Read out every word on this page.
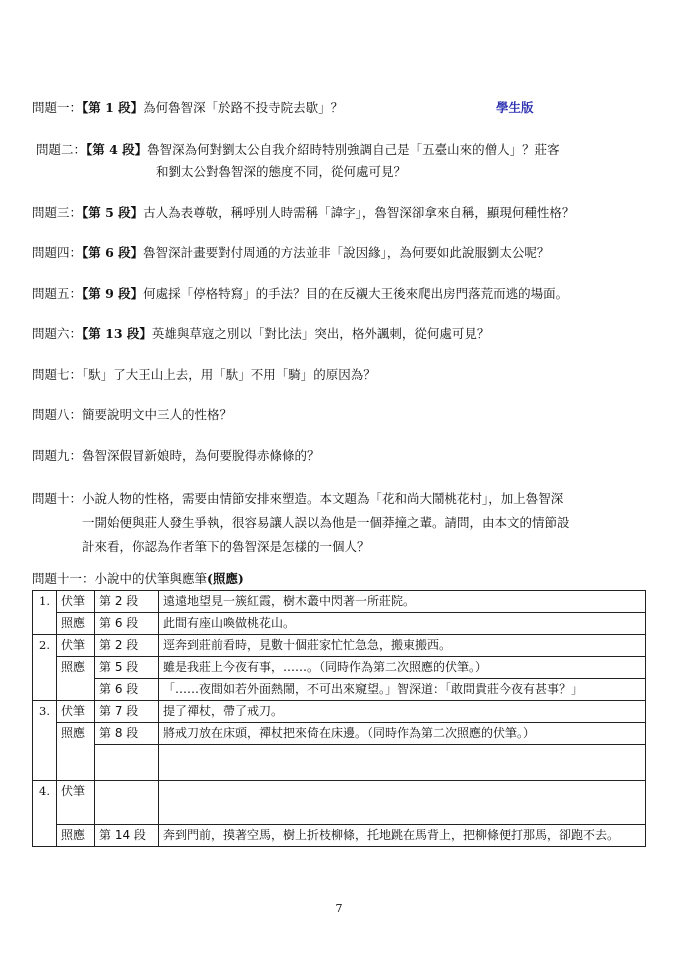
學生版
問題一：【第 1 段】為何魯智深「於路不投寺院去歇」？
問題二：【第 4 段】魯智深為何對劉太公自我介紹時特別強調自己是「五臺山來的僧人」？莊客
和劉太公對魯智深的態度不同，從何處可見？
問題三：【第 5 段】古人為表尊敬，稱呼別人時需稱「諱字」，魯智深卻拿來自稱，顯現何種性格？
問題四：【第 6 段】魯智深計畫要對付周通的方法並非「說因緣」，為何要如此說服劉太公呢？
問題五：【第 9 段】何處採「停格特寫」的手法？目的在反襯大王後來爬出房門落荒而逃的場面。
問題六：【第 13 段】英雄與草寇之別以「對比法」突出，格外諷刺，從何處可見？
問題七：「馱」了大王山上去，用「馱」不用「騎」的原因為？
問題八：簡要說明文中三人的性格？
問題九：魯智深假冒新娘時，為何要脫得赤條條的？
問題十：小說人物的性格，需要由情節安排來塑造。本文題為「花和尚大鬧桃花村」，加上魯智深
一開始便與莊人發生爭執，很容易讓人誤以為他是一個莽撞之輩。請問，由本文的情節設
計來看，你認為作者筆下的魯智深是怎樣的一個人？
問題十一：小說中的伏筆與應筆(照應)
1.	伏筆	第 2 段	遠遠地望見一簇紅霞，樹木叢中閃著一所莊院。
	照應	第 6 段	此間有座山喚做桃花山。
2.	伏筆	第 2 段	逕奔到莊前看時，見數十個莊家忙忙急急，搬東搬西。
	照應	第 5 段	雖是我莊上今夜有事，……。（同時作為第二次照應的伏筆。）
		第 6 段	「……夜間如若外面熱鬧，不可出來窺望。」智深道：「敢問貴莊今夜有甚事？」
3.	伏筆	第 7 段	提了禪杖，帶了戒刀。
	照應	第 8 段	將戒刀放在床頭，禪杖把來倚在床邊。（同時作為第二次照應的伏筆。）

4.	伏筆		
	照應	第 14 段	奔到門前，摸著空馬，樹上折枝柳條，托地跳在馬背上，把柳條便打那馬，卻跑不去。
7
